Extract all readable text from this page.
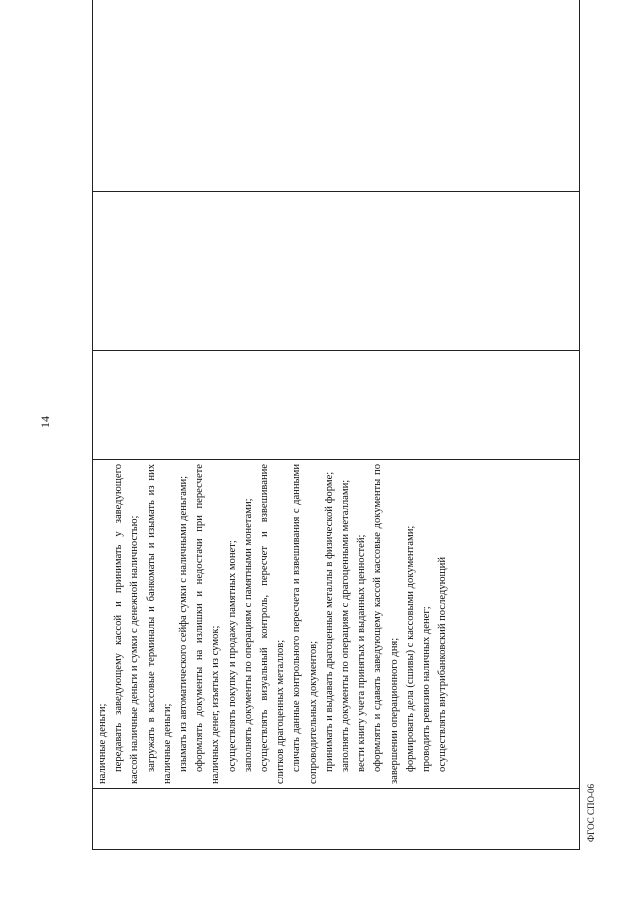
14

наличные деньги; передавать заведующему кассой и принимать у заведующего кассой наличные деньги и сумки с денежной наличностью; загружать в кассовые терминалы и банкоматы и изымать из них наличные деньги; изымать из автоматического сейфа сумки с наличными деньгами; оформлять документы на излишки и недостачи при пересчете наличных денег, изъятых из сумок; осуществлять покупку и продажу памятных монет; заполнять документы по операциям с памятными монетами; осуществлять визуальный контроль, пересчет и взвешивание слитков драгоценных металлов; сличать данные контрольного пересчета и взвешивания с данными сопроводительных документов; принимать и выдавать драгоценные металлы в физической форме; заполнять документы по операциям с драгоценными металлами; вести книгу учета принятых и выданных ценностей; оформлять и сдавать заведующему кассой кассовые документы по завершении операционного дня; формировать дела (сшивы) с кассовыми документами; проводить ревизию наличных денег; осуществлять внутрибанковский последующий

ФГОС СПО-06
